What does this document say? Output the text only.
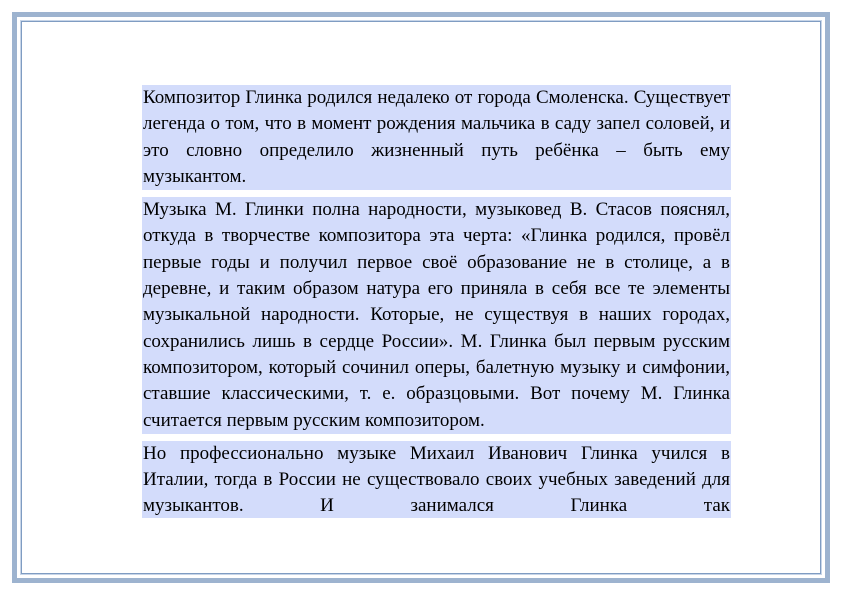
Композитор Глинка родился недалеко от города Смоленска. Существует легенда о том, что в момент рождения мальчика в саду запел соловей, и это словно определило жизненный путь ребёнка – быть ему музыкантом.

Музыка М. Глинки полна народности, музыковед В. Стасов пояснял, откуда в творчестве композитора эта черта: «Глинка родился, провёл первые годы и получил первое своё образование не в столице, а в деревне, и таким образом натура его приняла в себя все те элементы музыкальной народности. Которые, не существуя в наших городах, сохранились лишь в сердце России». М. Глинка был первым русским композитором, который сочинил оперы, балетную музыку и симфонии, ставшие классическими, т. е. образцовыми. Вот почему М. Глинка считается первым русским композитором.

Но профессионально музыке Михаил Иванович Глинка учился в Италии, тогда в России не существовало своих учебных заведений для музыкантов. И занимался Глинка так
